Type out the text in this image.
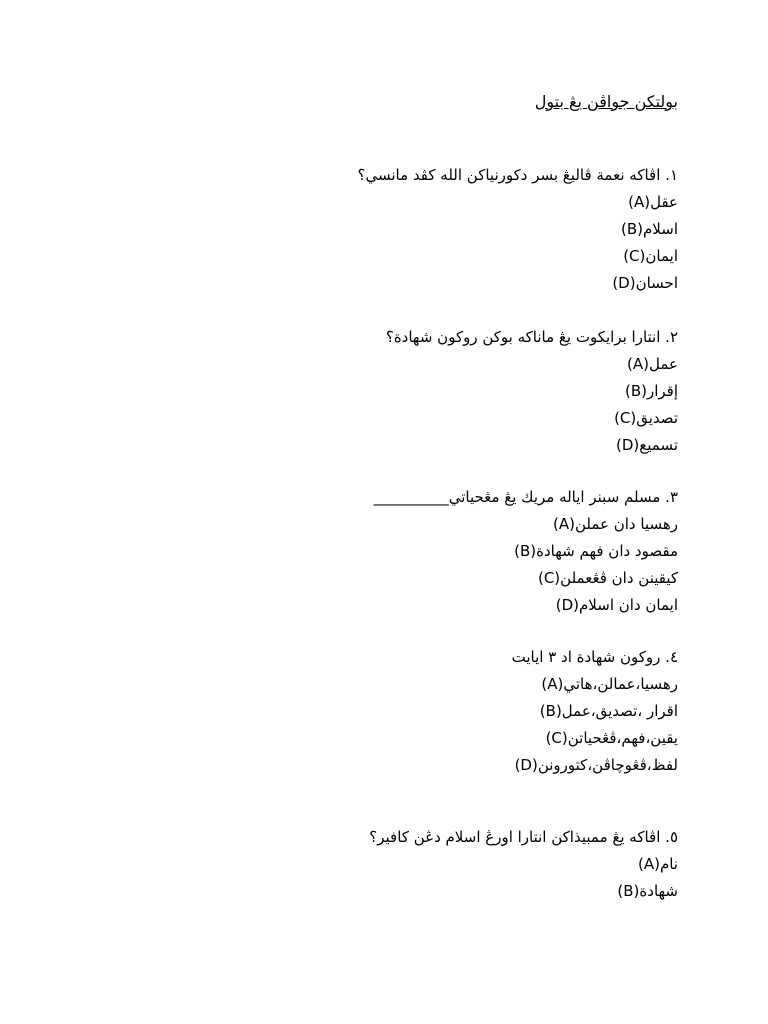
بولتكن جواڤن يڠ بتول
١. اڤاكه نعمة ڤاليڠ بسر دكورنياكن الله كڤد مانسي؟
(A)عقل
(B)اسلام
(C)ايمان
(D)احسان
٢. انتارا برايكوت يڠ ماناكه بوكن روكون شهادة؟
(A)عمل
(B)إقرار
(C)تصديق
(D)تسميع
٣. مسلم سبنر اياله مريك يڠ مڠحياتي__________
(A)رهسيا دان عملن
(B)مقصود دان فهم شهادة
(C)كيقينن دان ڤڠعملن
(D)ايمان دان اسلام
٤. روكون شهادة اد ٣ ايايت
(A)رهسيا،عمالن،هاتي
(B)اقرار ،تصديق،عمل
(C)يقين،فهم،ڤڠحياتن
(D)لفظ،ڤڠوچاڤن،كتورونن
٥. اڤاكه يڠ ممبيذاكن انتارا اورڠ اسلام دڠن كافير؟
(A)نام
(B)شهادة
